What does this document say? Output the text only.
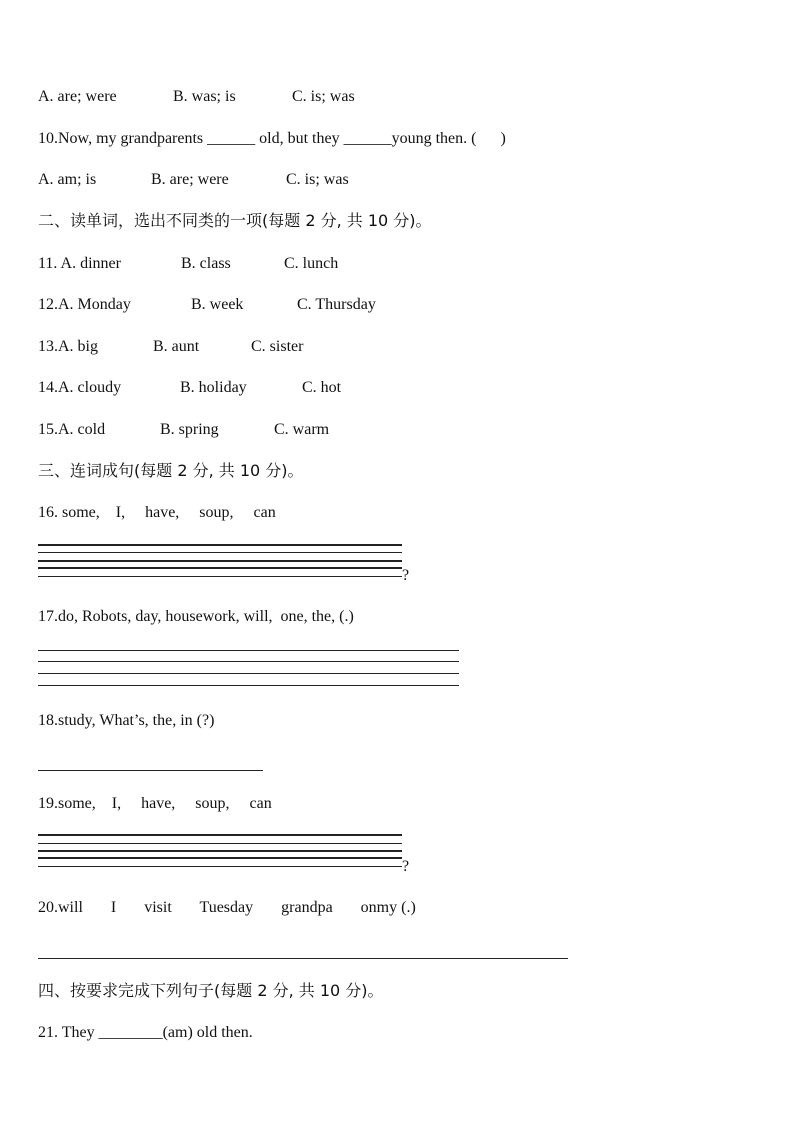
A. are; were

	B. was; is

	C. is; was

10.Now, my grandparents ______ old, but they ______young then. (      )

A. am; is

	B. are; were

	C. is; was

二、读单词，选出不同类的一项(每题 2 分, 共 10 分)。

11. A. dinner

	B. class

	C. lunch

12.A. Monday

	B. week

	C. Thursday

13.A. big

	B. aunt

	C. sister

14.A. cloudy

	B. holiday

	C. hot

15.A. cold

	B. spring

	C. warm

三、连词成句(每题 2 分, 共 10 分)。
16. some,    I,     have,     soup,     can
?
17.do, Robots, day, housework, will,  one, the, (.)
18.study, What’s, the, in (?)
19.some,    I,     have,     soup,     can
?
20.will       I       visit       Tuesday       grandpa       onmy (.)
四、按要求完成下列句子(每题 2 分, 共 10 分)。
21. They ________(am) old then.
